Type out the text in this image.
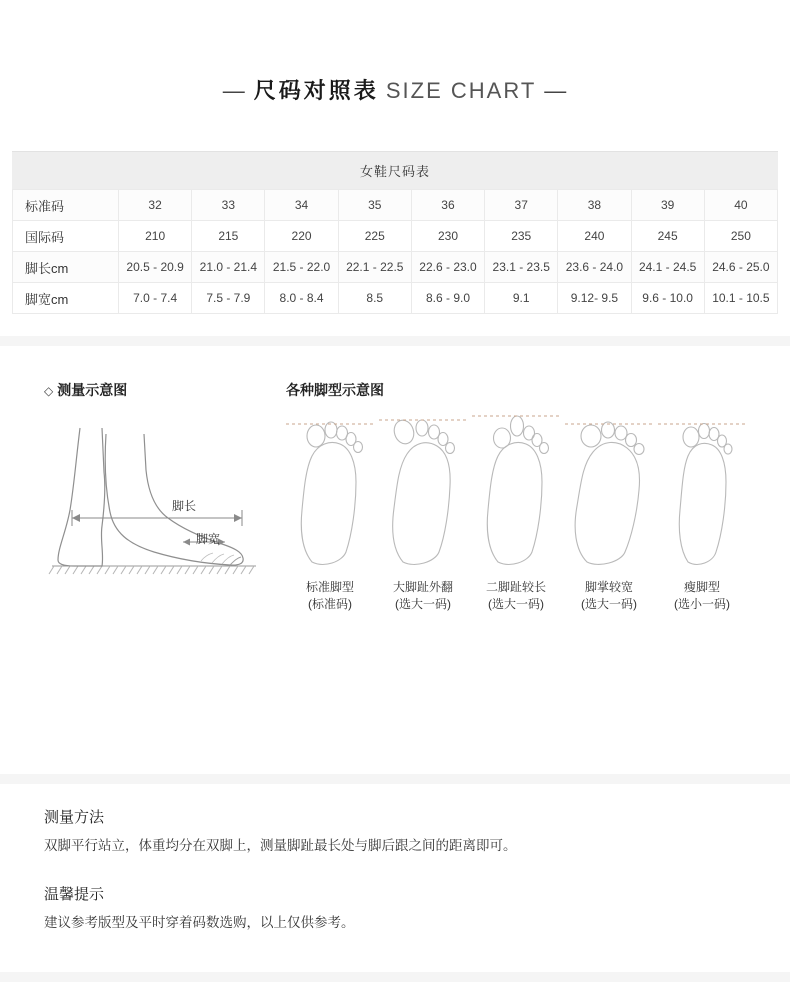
— 尺码对照表 SIZE CHART —
女鞋尺码表
标准码	32	33	34	35	36	37	38	39	40
国际码	210	215	220	225	230	235	240	245	250
脚长cm	20.5 - 20.9	21.0 - 21.4	21.5 - 22.0	22.1 - 22.5	22.6 - 23.0	23.1 - 23.5	23.6 - 24.0	24.1 - 24.5	24.6 - 25.0
脚宽cm	7.0 - 7.4	7.5 - 7.9	8.0 - 8.4	8.5	8.6 - 9.0	9.1	9.12- 9.5	9.6 - 10.0	10.1 - 10.5
◇ 测量示意图
脚长
脚宽
各种脚型示意图
标准脚型
(标准码)
大脚趾外翻
(选大一码)
二脚趾较长
(选大一码)
脚掌较宽
(选大一码)
瘦脚型
(选小一码)
测量方法

双脚平行站立，体重均分在双脚上，测量脚趾最长处与脚后跟之间的距离即可。

温馨提示

建议参考版型及平时穿着码数选购，以上仅供参考。
